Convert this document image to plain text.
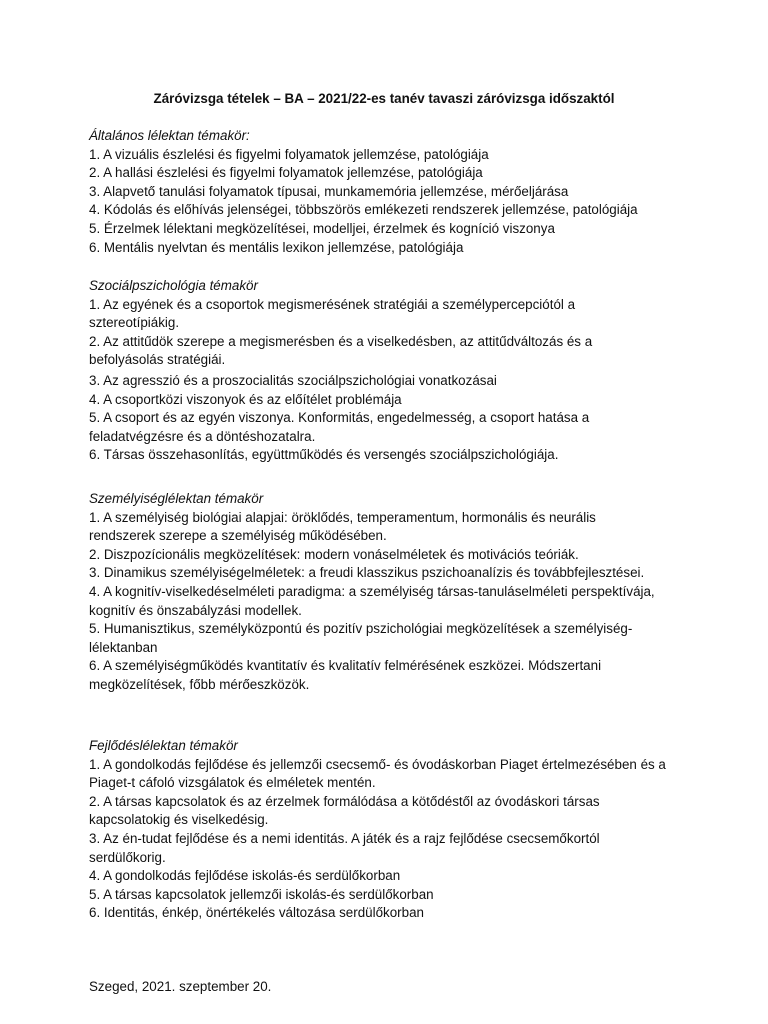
Záróvizsga tételek – BA – 2021/22-es tanév tavaszi záróvizsga időszaktól
Általános lélektan témakör:
1. A vizuális észlelési és figyelmi folyamatok jellemzése, patológiája
2. A hallási észlelési és figyelmi folyamatok jellemzése, patológiája
3. Alapvető tanulási folyamatok típusai, munkamemória jellemzése, mérőeljárása
4. Kódolás és előhívás jelenségei, többszörös emlékezeti rendszerek jellemzése, patológiája
5. Érzelmek lélektani megközelítései, modelljei, érzelmek és kogníció viszonya
6. Mentális nyelvtan és mentális lexikon jellemzése, patológiája
Szociálpszichológia témakör
1. Az egyének és a csoportok megismerésének stratégiái a személypercepciótól a sztereotípiákig.
2. Az attitűdök szerepe a megismerésben és a viselkedésben, az attitűdváltozás és a befolyásolás stratégiái.
3. Az agresszió és a proszocialitás szociálpszichológiai vonatkozásai
4. A csoportközi viszonyok és az előítélet problémája
5. A csoport és az egyén viszonya. Konformitás, engedelmesség, a csoport hatása a feladatvégzésre és a döntéshozatalra.
6. Társas összehasonlítás, együttműködés és versengés szociálpszichológiája.
Személyiséglélektan témakör
1. A személyiség biológiai alapjai: öröklődés, temperamentum, hormonális és neurális rendszerek szerepe a személyiség működésében.
2. Diszpozícionális megközelítések: modern vonáselméletek és motivációs teóriák.
3. Dinamikus személyiségelméletek: a freudi klasszikus pszichoanalízis és továbbfejlesztései.
4. A kognitív-viselkedéselméleti paradigma: a személyiség társas-tanuláselméleti perspektívája, kognitív és önszabályzási modellek.
5. Humanisztikus, személyközpontú és pozitív pszichológiai megközelítések a személyiség-lélektanban
6. A személyiségműködés kvantitatív és kvalitatív felmérésének eszközei. Módszertani megközelítések, főbb mérőeszközök.
Fejlődéslélektan témakör
1. A gondolkodás fejlődése és jellemzői csecsemő- és óvodáskorban Piaget értelmezésében és a Piaget-t cáfoló vizsgálatok és elméletek mentén.
2. A társas kapcsolatok és az érzelmek formálódása a kötődéstől az óvodáskori társas kapcsolatokig és viselkedésig.
3. Az én-tudat fejlődése és a nemi identitás. A játék és a rajz fejlődése csecsemőkortól serdülőkorig.
4. A gondolkodás fejlődése iskolás-és serdülőkorban
5. A társas kapcsolatok jellemzői iskolás-és serdülőkorban
6. Identitás, énkép, önértékelés változása serdülőkorban
Szeged, 2021. szeptember 20.
